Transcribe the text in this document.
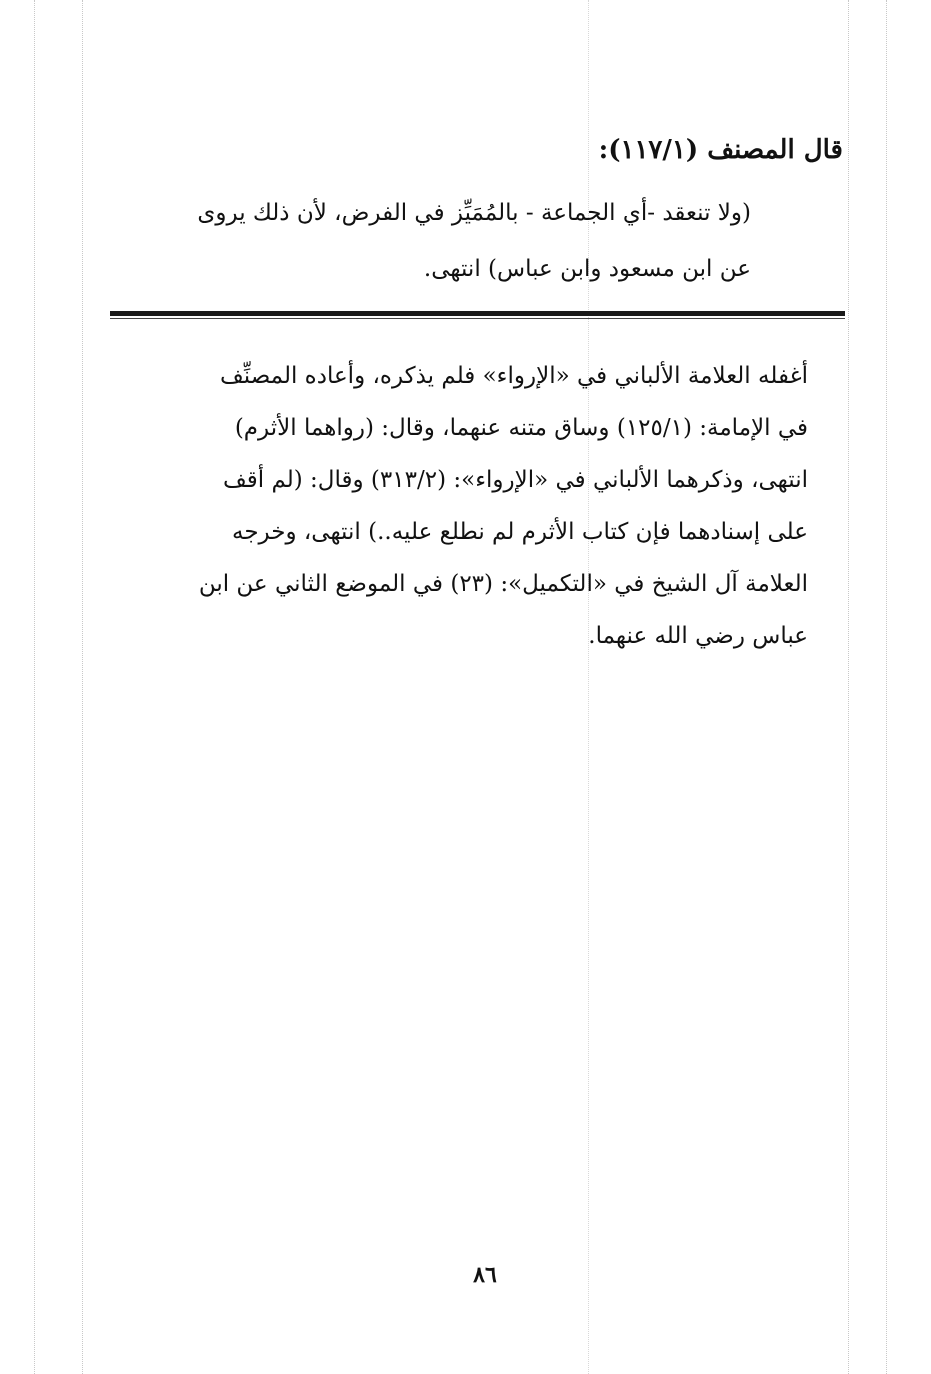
قال المصنف (١١٧/١):

(ولا تنعقد -أي الجماعة - بالمُمَيِّز في الفرض، لأن ذلك يروى

عن ابن مسعود وابن عباس) انتهى.

أغفله العلامة الألباني في «الإرواء» فلم يذكره، وأعاده المصنِّف

في الإمامة: (١٢٥/١) وساق متنه عنهما، وقال: (رواهما الأثرم)

انتهى، وذكرهما الألباني في «الإرواء»: (٣١٣/٢) وقال: (لم أقف

على إسنادهما فإن كتاب الأثرم لم نطلع عليه..) انتهى، وخرجه

العلامة آل الشيخ في «التكميل»: (٢٣) في الموضع الثاني عن ابن

عباس رضي الله عنهما.

٨٦
